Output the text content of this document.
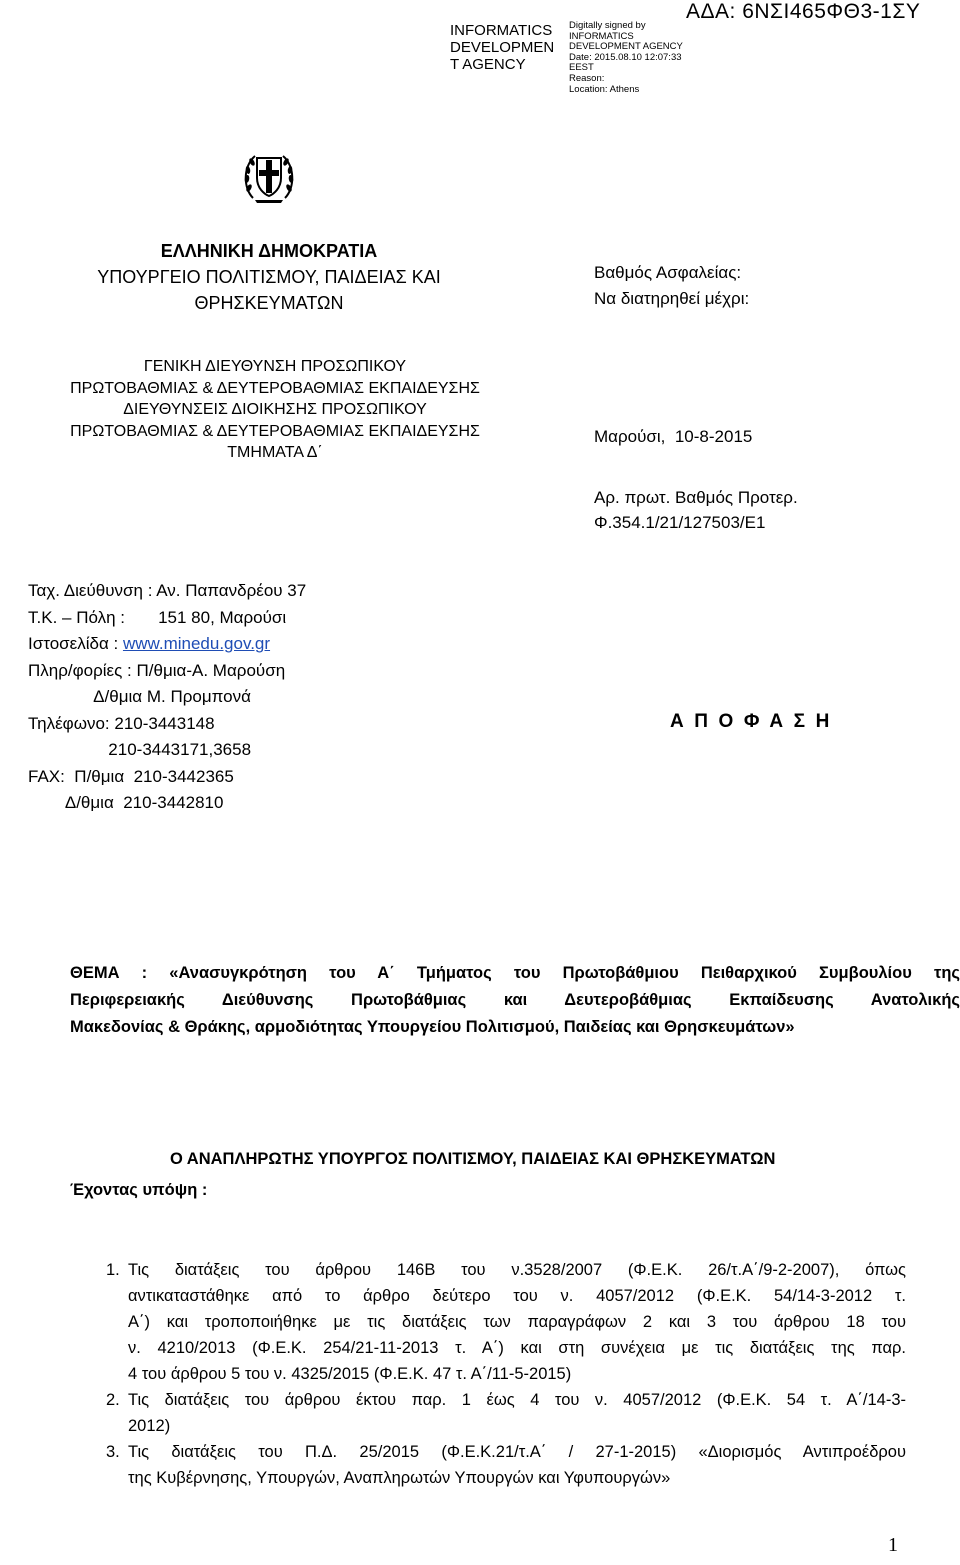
INFORMATICS
DEVELOPMEN
T AGENCY
Digitally signed by
INFORMATICS
DEVELOPMENT AGENCY
Date: 2015.08.10 12:07:33
EEST
Reason:
Location: Athens
ΑΔΑ: 6ΝΣΙ465ΦΘ3-1ΣΥ
ΕΛΛΗΝΙΚΗ ΔΗΜΟΚΡΑΤΙΑ
ΥΠΟΥΡΓΕΙΟ ΠΟΛΙΤΙΣΜΟΥ, ΠΑΙΔΕΙΑΣ ΚΑΙ
ΘΡΗΣΚΕΥΜΑΤΩΝ
Βαθμός Ασφαλείας:
Να διατηρηθεί μέχρι:
ΓΕΝΙΚΗ ΔΙΕΥΘΥΝΣΗ ΠΡΟΣΩΠΙΚΟΥ
ΠΡΩΤΟΒΑΘΜΙΑΣ & ΔΕΥΤΕΡΟΒΑΘΜΙΑΣ ΕΚΠΑΙΔΕΥΣΗΣ
ΔΙΕΥΘΥΝΣΕΙΣ ΔΙΟΙΚΗΣΗΣ ΠΡΟΣΩΠΙΚΟΥ
ΠΡΩΤΟΒΑΘΜΙΑΣ & ΔΕΥΤΕΡΟΒΑΘΜΙΑΣ ΕΚΠΑΙΔΕΥΣΗΣ
ΤΜΗΜΑΤΑ Δ΄
Μαρούσι,  10-8-2015
Αρ. πρωτ. Βαθμός Προτερ.
Φ.354.1/21/127503/Ε1
Ταχ. Διεύθυνση : Αν. Παπανδρέου 37
Τ.Κ. – Πόλη :       151 80, Μαρούσι
Ιστοσελίδα : www.minedu.gov.gr
Πληρ/φορίες : Π/θμια-Α. Μαρούση
Δ/θμια Μ. Προμπονά
Τηλέφωνο: 210-3443148
210-3443171,3658
FAX:  Π/θμια  210-3442365
Δ/θμια  210-3442810
Α  Π  Ο  Φ  Α  Σ  Η
ΘΕΜΑ : «Ανασυγκρότηση του Α΄ Τμήματος του Πρωτοβάθμιου Πειθαρχικού Συμβουλίου της
Περιφερειακής Διεύθυνσης Πρωτοβάθμιας και Δευτεροβάθμιας Εκπαίδευσης Ανατολικής
Μακεδονίας & Θράκης, αρμοδιότητας Υπουργείου Πολιτισμού, Παιδείας και Θρησκευμάτων»
Ο ΑΝΑΠΛΗΡΩΤΗΣ ΥΠΟΥΡΓΟΣ ΠΟΛΙΤΙΣΜΟΥ, ΠΑΙΔΕΙΑΣ ΚΑΙ ΘΡΗΣΚΕΥΜΑΤΩΝ
Έχοντας υπόψη :
1. Τις διατάξεις του άρθρου 146Β του ν.3528/2007 (Φ.Ε.Κ. 26/τ.Α΄/9-2-2007), όπως
αντικαταστάθηκε από το άρθρο δεύτερο του ν. 4057/2012 (Φ.Ε.Κ. 54/14-3-2012 τ.
Α΄) και τροποποιήθηκε με τις διατάξεις των παραγράφων 2 και 3 του άρθρου 18 του
ν. 4210/2013 (Φ.Ε.Κ. 254/21-11-2013 τ. Α΄) και στη συνέχεια με τις διατάξεις της παρ.
4 του άρθρου 5 του ν. 4325/2015 (Φ.Ε.Κ. 47 τ. Α΄/11-5-2015)
2. Τις διατάξεις του άρθρου έκτου παρ. 1 έως 4 του ν. 4057/2012 (Φ.Ε.Κ. 54 τ. Α΄/14-3-
2012)
3. Τις διατάξεις του Π.Δ. 25/2015 (Φ.Ε.Κ.21/τ.Α΄ / 27-1-2015) «Διορισμός Αντιπροέδρου
της Κυβέρνησης, Υπουργών, Αναπληρωτών Υπουργών και Υφυπουργών»
1
